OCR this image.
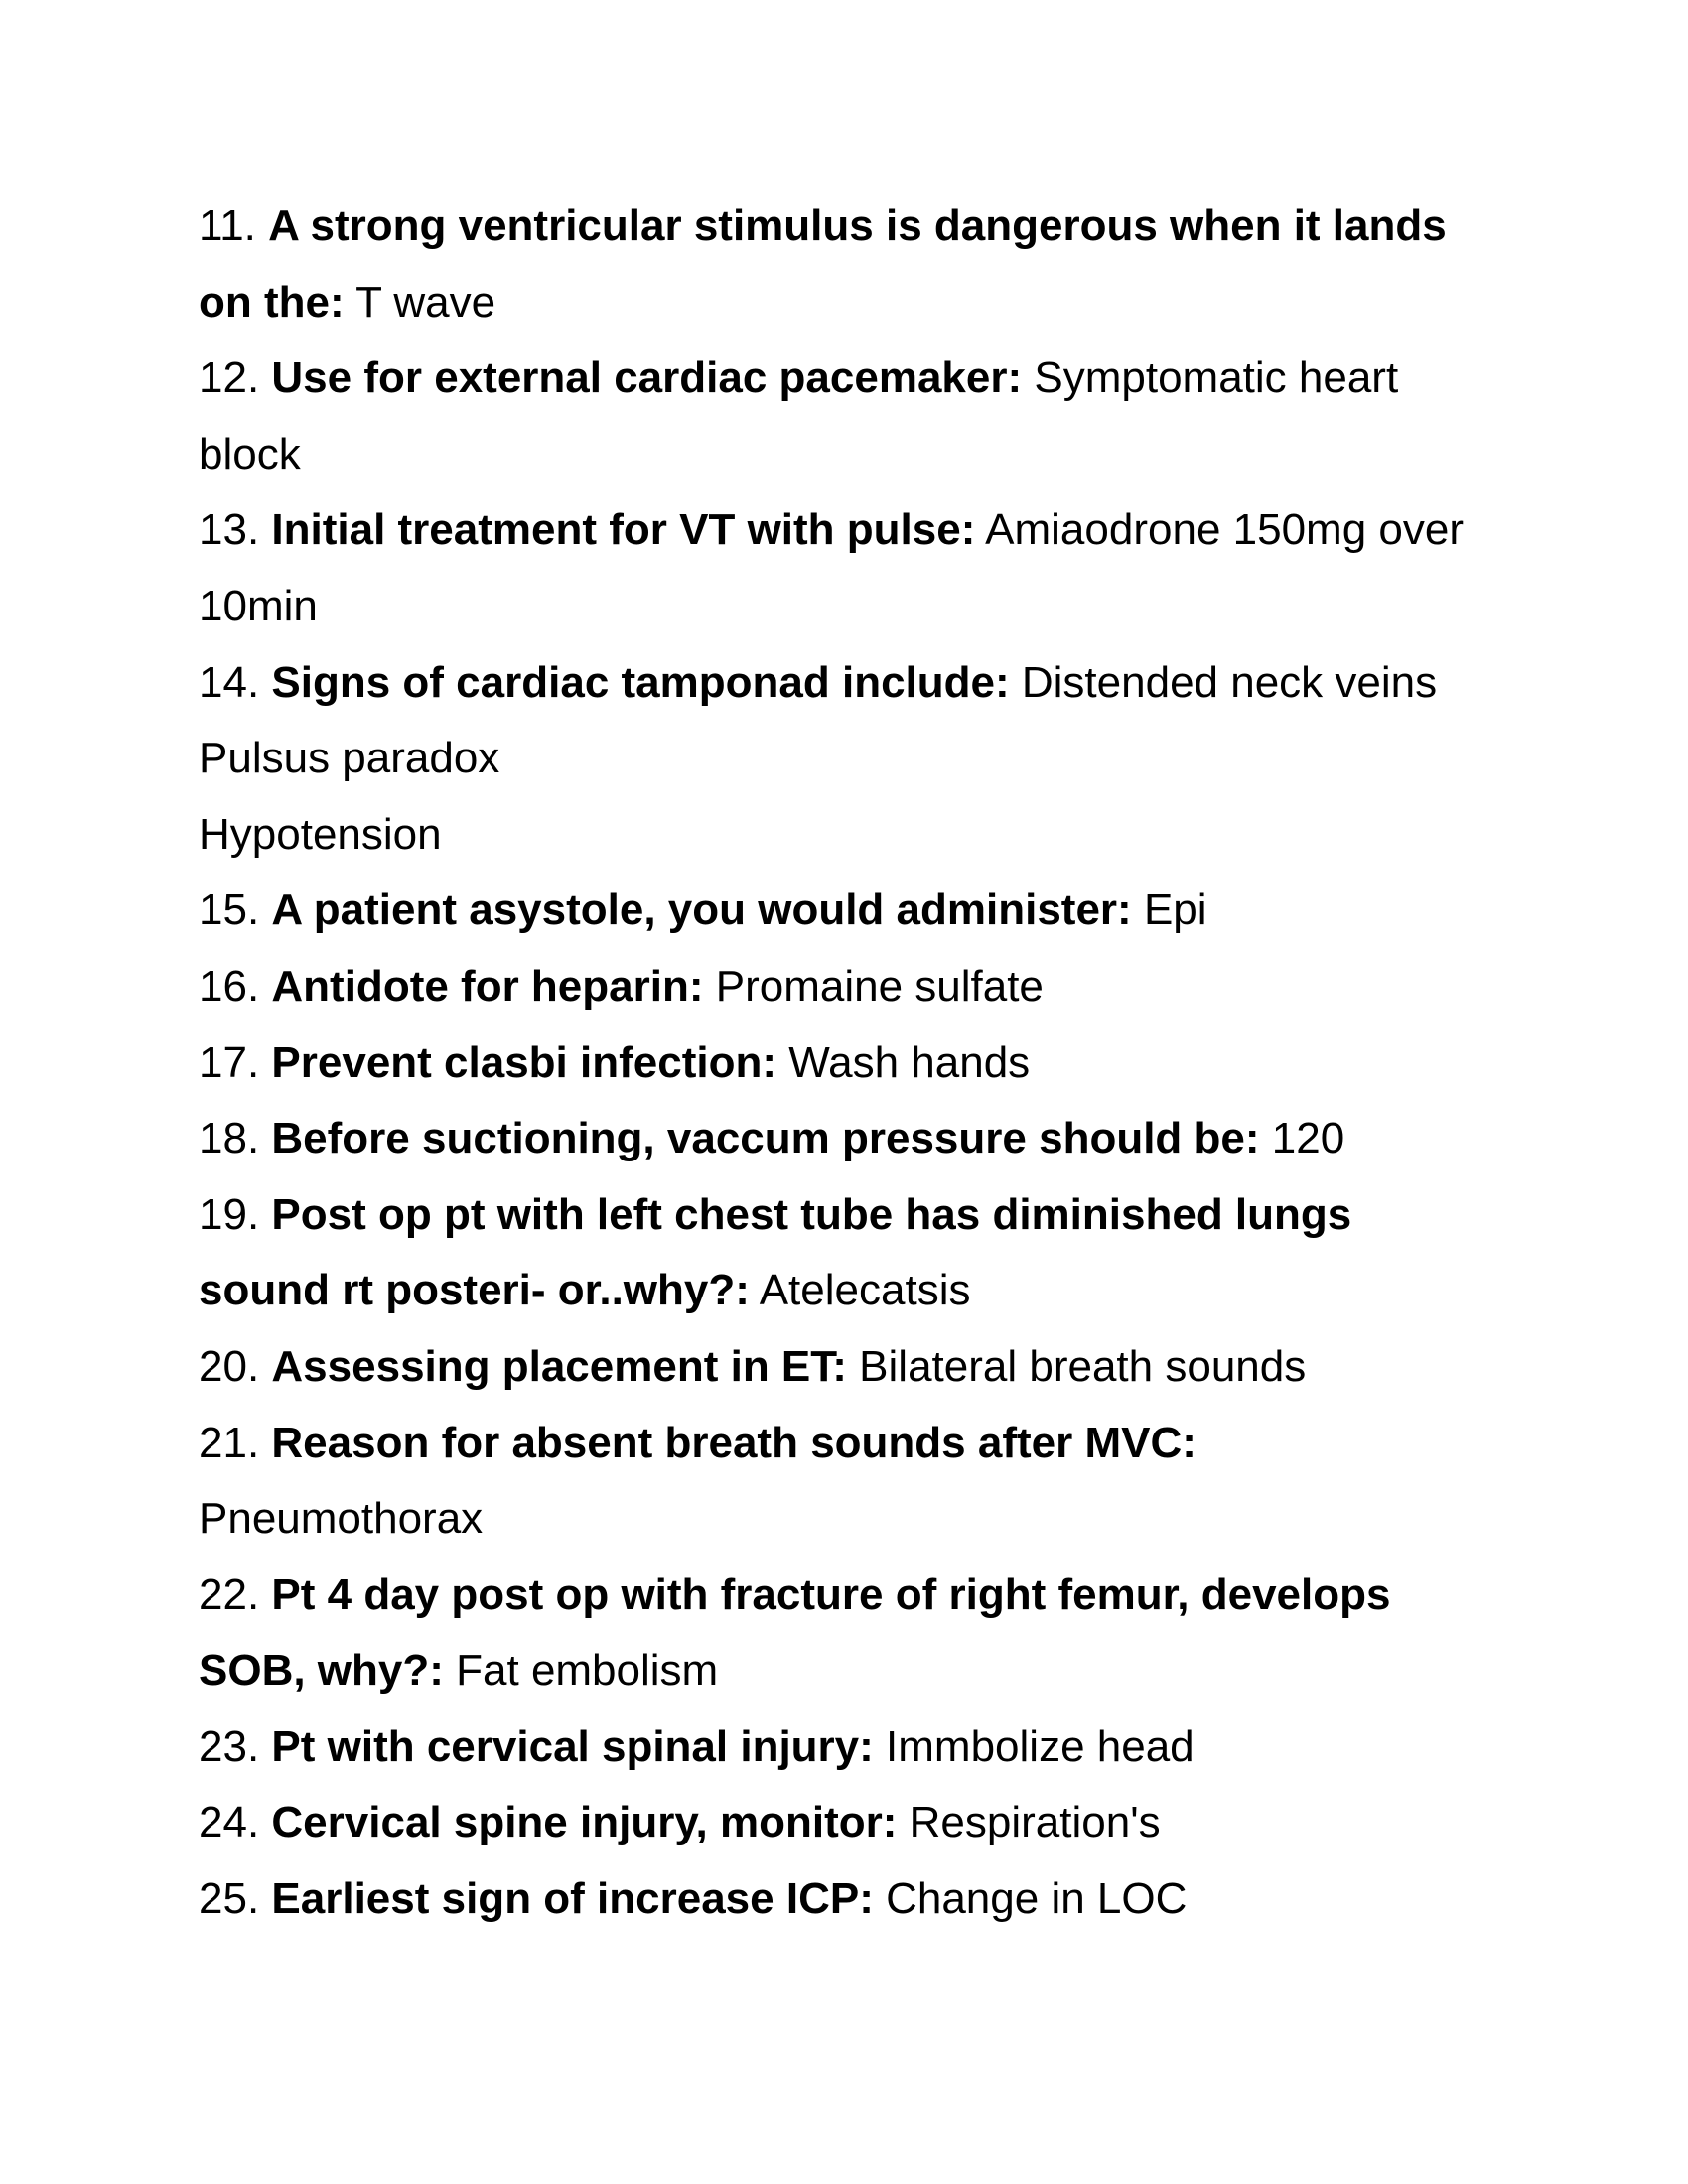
11. A strong ventricular stimulus is dangerous when it lands
on the: T wave
12. Use for external cardiac pacemaker: Symptomatic heart
block
13. Initial treatment for VT with pulse: Amiaodrone 150mg over
10min
14. Signs of cardiac tamponad include: Distended neck veins
Pulsus paradox
Hypotension
15. A patient asystole, you would administer: Epi
16. Antidote for heparin: Promaine sulfate
17. Prevent clasbi infection: Wash hands
18. Before suctioning, vaccum pressure should be: 120
19. Post op pt with left chest tube has diminished lungs
sound rt posteri- or..why?: Atelecatsis
20. Assessing placement in ET: Bilateral breath sounds
21. Reason for absent breath sounds after MVC:
Pneumothorax
22. Pt 4 day post op with fracture of right femur, develops
SOB, why?: Fat embolism
23. Pt with cervical spinal injury: Immbolize head
24. Cervical spine injury, monitor: Respiration's
25. Earliest sign of increase ICP: Change in LOC
